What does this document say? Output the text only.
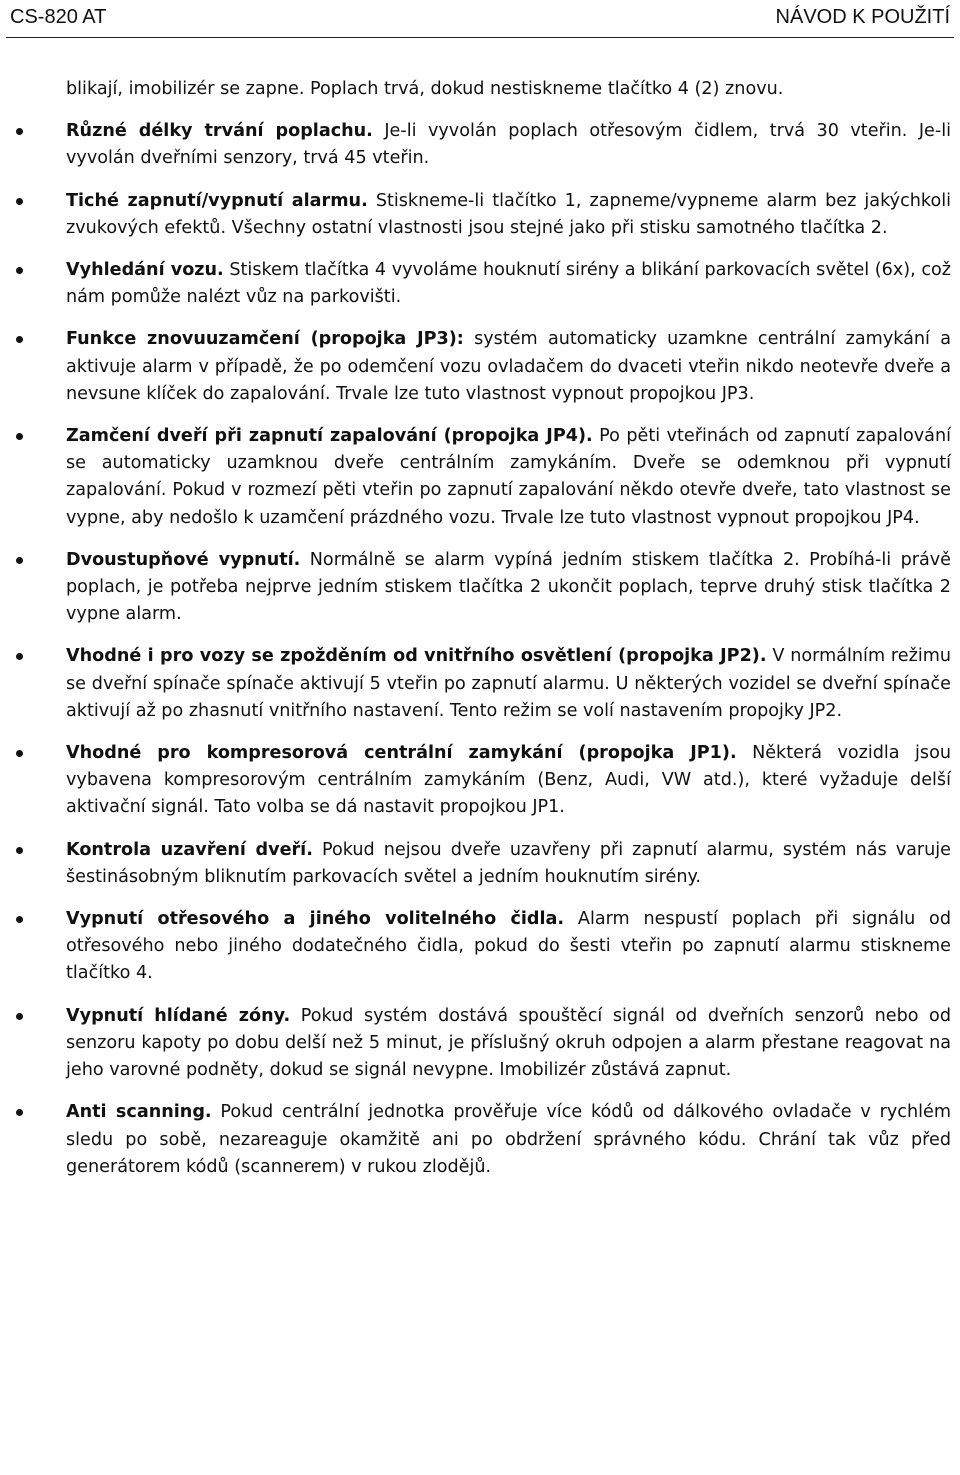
CS-820 AT	NÁVOD K POUŽITÍ

blikají, imobilizér se zapne. Poplach trvá, dokud nestiskneme tlačítko 4 (2) znovu.

Různé délky trvání poplachu. Je-li vyvolán poplach otřesovým čidlem, trvá 30 vteřin. Je-li vyvolán dveřními senzory, trvá 45 vteřin.
Tiché zapnutí/vypnutí alarmu. Stiskneme-li tlačítko 1, zapneme/vypneme alarm bez jakýchkoli zvukových efektů. Všechny ostatní vlastnosti jsou stejné jako při stisku samotného tlačítka 2.
Vyhledání vozu. Stiskem tlačítka 4 vyvoláme houknutí sirény a blikání parkovacích světel (6x), což nám pomůže nalézt vůz na parkovišti.
Funkce znovuuzamčení (propojka JP3): systém automaticky uzamkne centrální zamykání a aktivuje alarm v případě, že po odemčení vozu ovladačem do dvaceti vteřin nikdo neotevře dveře a nevsune klíček do zapalování. Trvale lze tuto vlastnost vypnout propojkou JP3.
Zamčení dveří při zapnutí zapalování (propojka JP4). Po pěti vteřinách od zapnutí zapalování se automaticky uzamknou dveře centrálním zamykáním. Dveře se odemknou při vypnutí zapalování. Pokud v rozmezí pěti vteřin po zapnutí zapalování někdo otevře dveře, tato vlastnost se vypne, aby nedošlo k uzamčení prázdného vozu. Trvale lze tuto vlastnost vypnout propojkou JP4.
Dvoustupňové vypnutí. Normálně se alarm vypíná jedním stiskem tlačítka 2. Probíhá-li právě poplach, je potřeba nejprve jedním stiskem tlačítka 2 ukončit poplach, teprve druhý stisk tlačítka 2 vypne alarm.
Vhodné i pro vozy se zpožděním od vnitřního osvětlení (propojka JP2). V normálním režimu se dveřní spínače spínače aktivují 5 vteřin po zapnutí alarmu. U některých vozidel se dveřní spínače aktivují až po zhasnutí vnitřního nastavení. Tento režim se volí nastavením propojky JP2.
Vhodné pro kompresorová centrální zamykání (propojka JP1). Některá vozidla jsou vybavena kompresorovým centrálním zamykáním (Benz, Audi, VW atd.), které vyžaduje delší aktivační signál. Tato volba se dá nastavit propojkou JP1.
Kontrola uzavření dveří. Pokud nejsou dveře uzavřeny při zapnutí alarmu, systém nás varuje šestinásobným bliknutím parkovacích světel a jedním houknutím sirény.
Vypnutí otřesového a jiného volitelného čidla. Alarm nespustí poplach při signálu od otřesového nebo jiného dodatečného čidla, pokud do šesti vteřin po zapnutí alarmu stiskneme tlačítko 4.
Vypnutí hlídané zóny. Pokud systém dostává spouštěcí signál od dveřních senzorů nebo od senzoru kapoty po dobu delší než 5 minut, je příslušný okruh odpojen a alarm přestane reagovat na jeho varovné podněty, dokud se signál nevypne. Imobilizér zůstává zapnut.
Anti scanning. Pokud centrální jednotka prověřuje více kódů od dálkového ovladače v rychlém sledu po sobě, nezareaguje okamžitě ani po obdržení správného kódu. Chrání tak vůz před generátorem kódů (scannerem) v rukou zlodějů.
